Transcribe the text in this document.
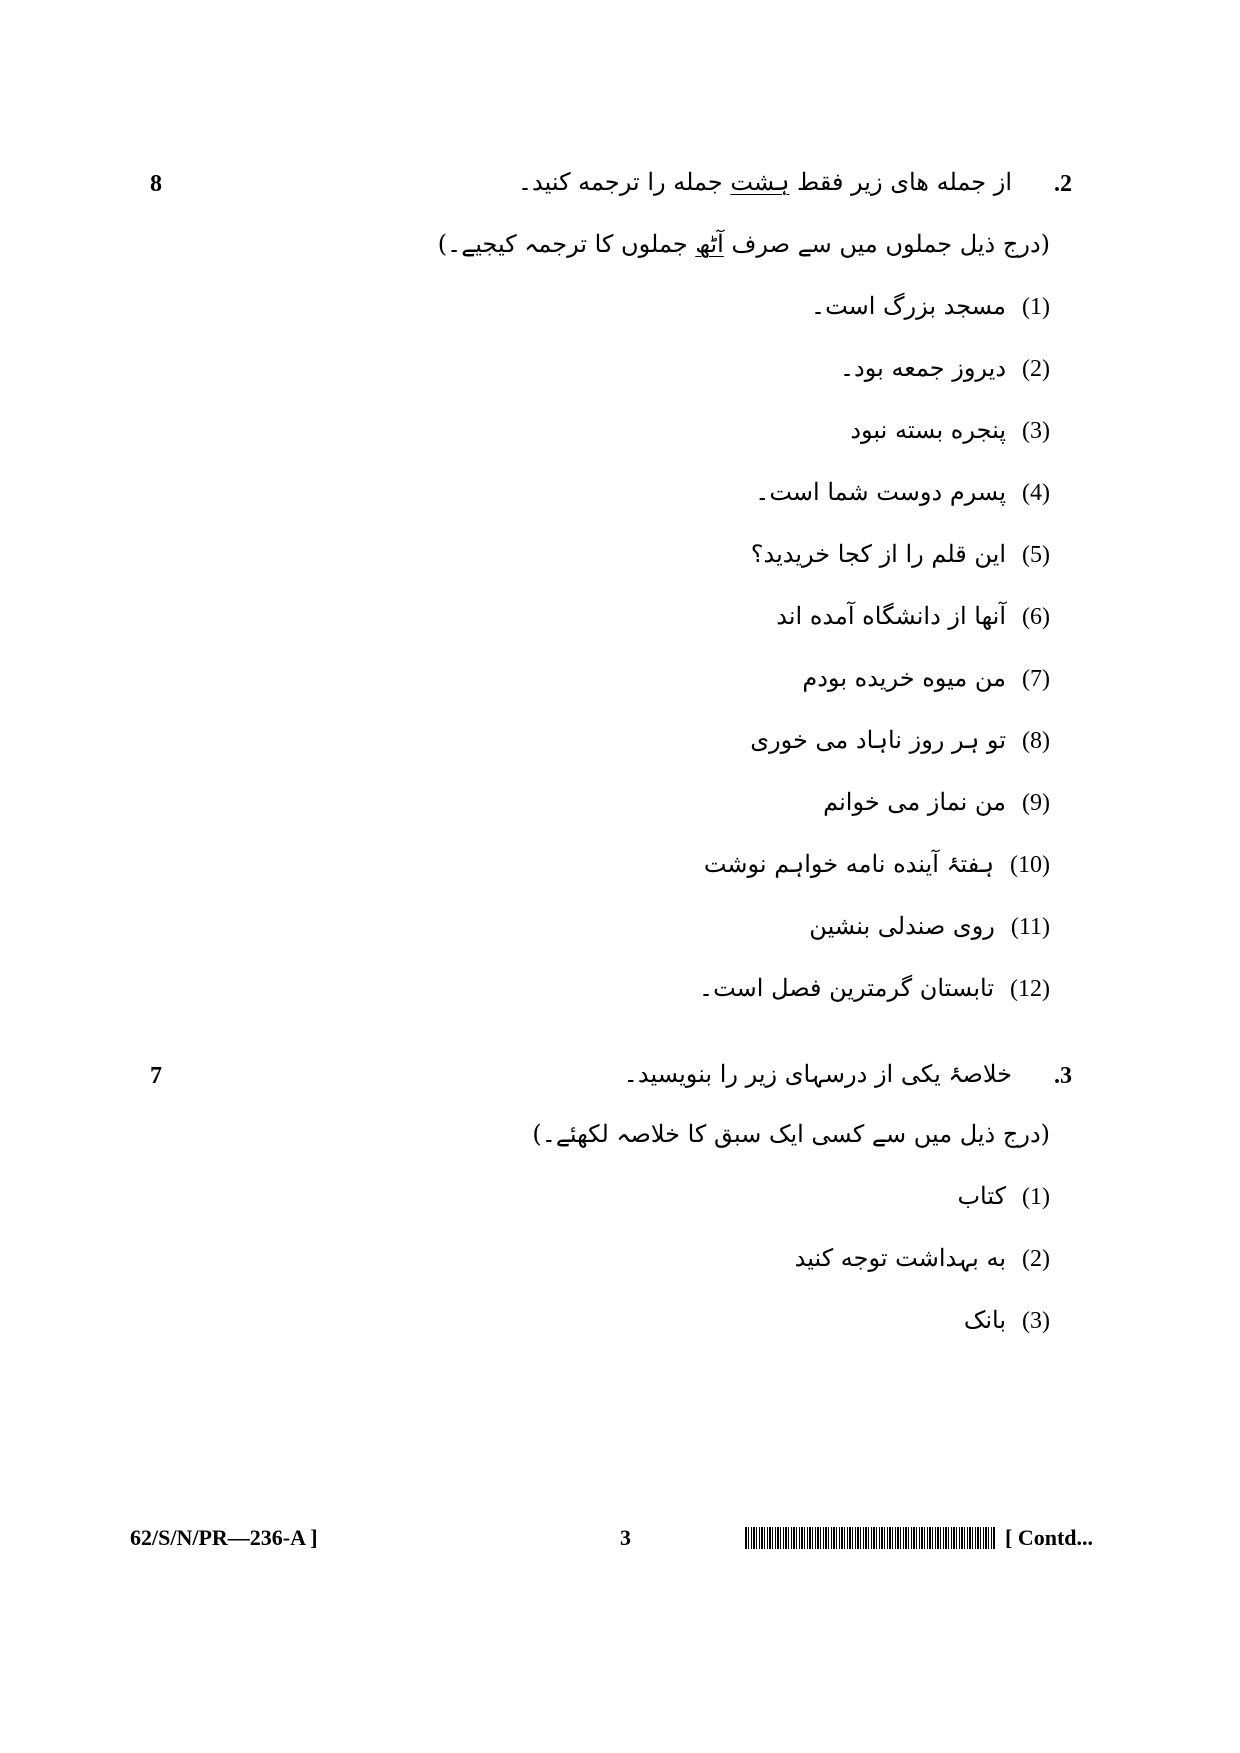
8	.2
از جمله های زیر فقط ہشت جمله را ترجمه کنید۔
(درج ذیل جملوں میں سے صرف آٹھ جملوں کا ترجمہ کیجیے۔)
(1)مسجد بزرگ است۔
(2)دیروز جمعه بود۔
(3)پنجره بسته نبود
(4)پسرم دوست شما است۔
(5)این قلم را از کجا خریدید؟
(6)آنها از دانشگاه آمده اند
(7)من میوه خریده بودم
(8)تو ہر روز ناہاد می خوری
(9)من نماز می خوانم
(10)ہفتۂ آینده نامه خواہم نوشت
(11)روی صندلی بنشین
(12)تابستان گرمترین فصل است۔
7	.3
خلاصۂ یکی از درسہای زیر را بنویسید۔
(درج ذیل میں سے کسی ایک سبق کا خلاصہ لکھئے۔)
(1)کتاب
(2)به بہداشت توجه کنید
(3)بانک
62/S/N/PR—236-A ]	3	[ Contd...
